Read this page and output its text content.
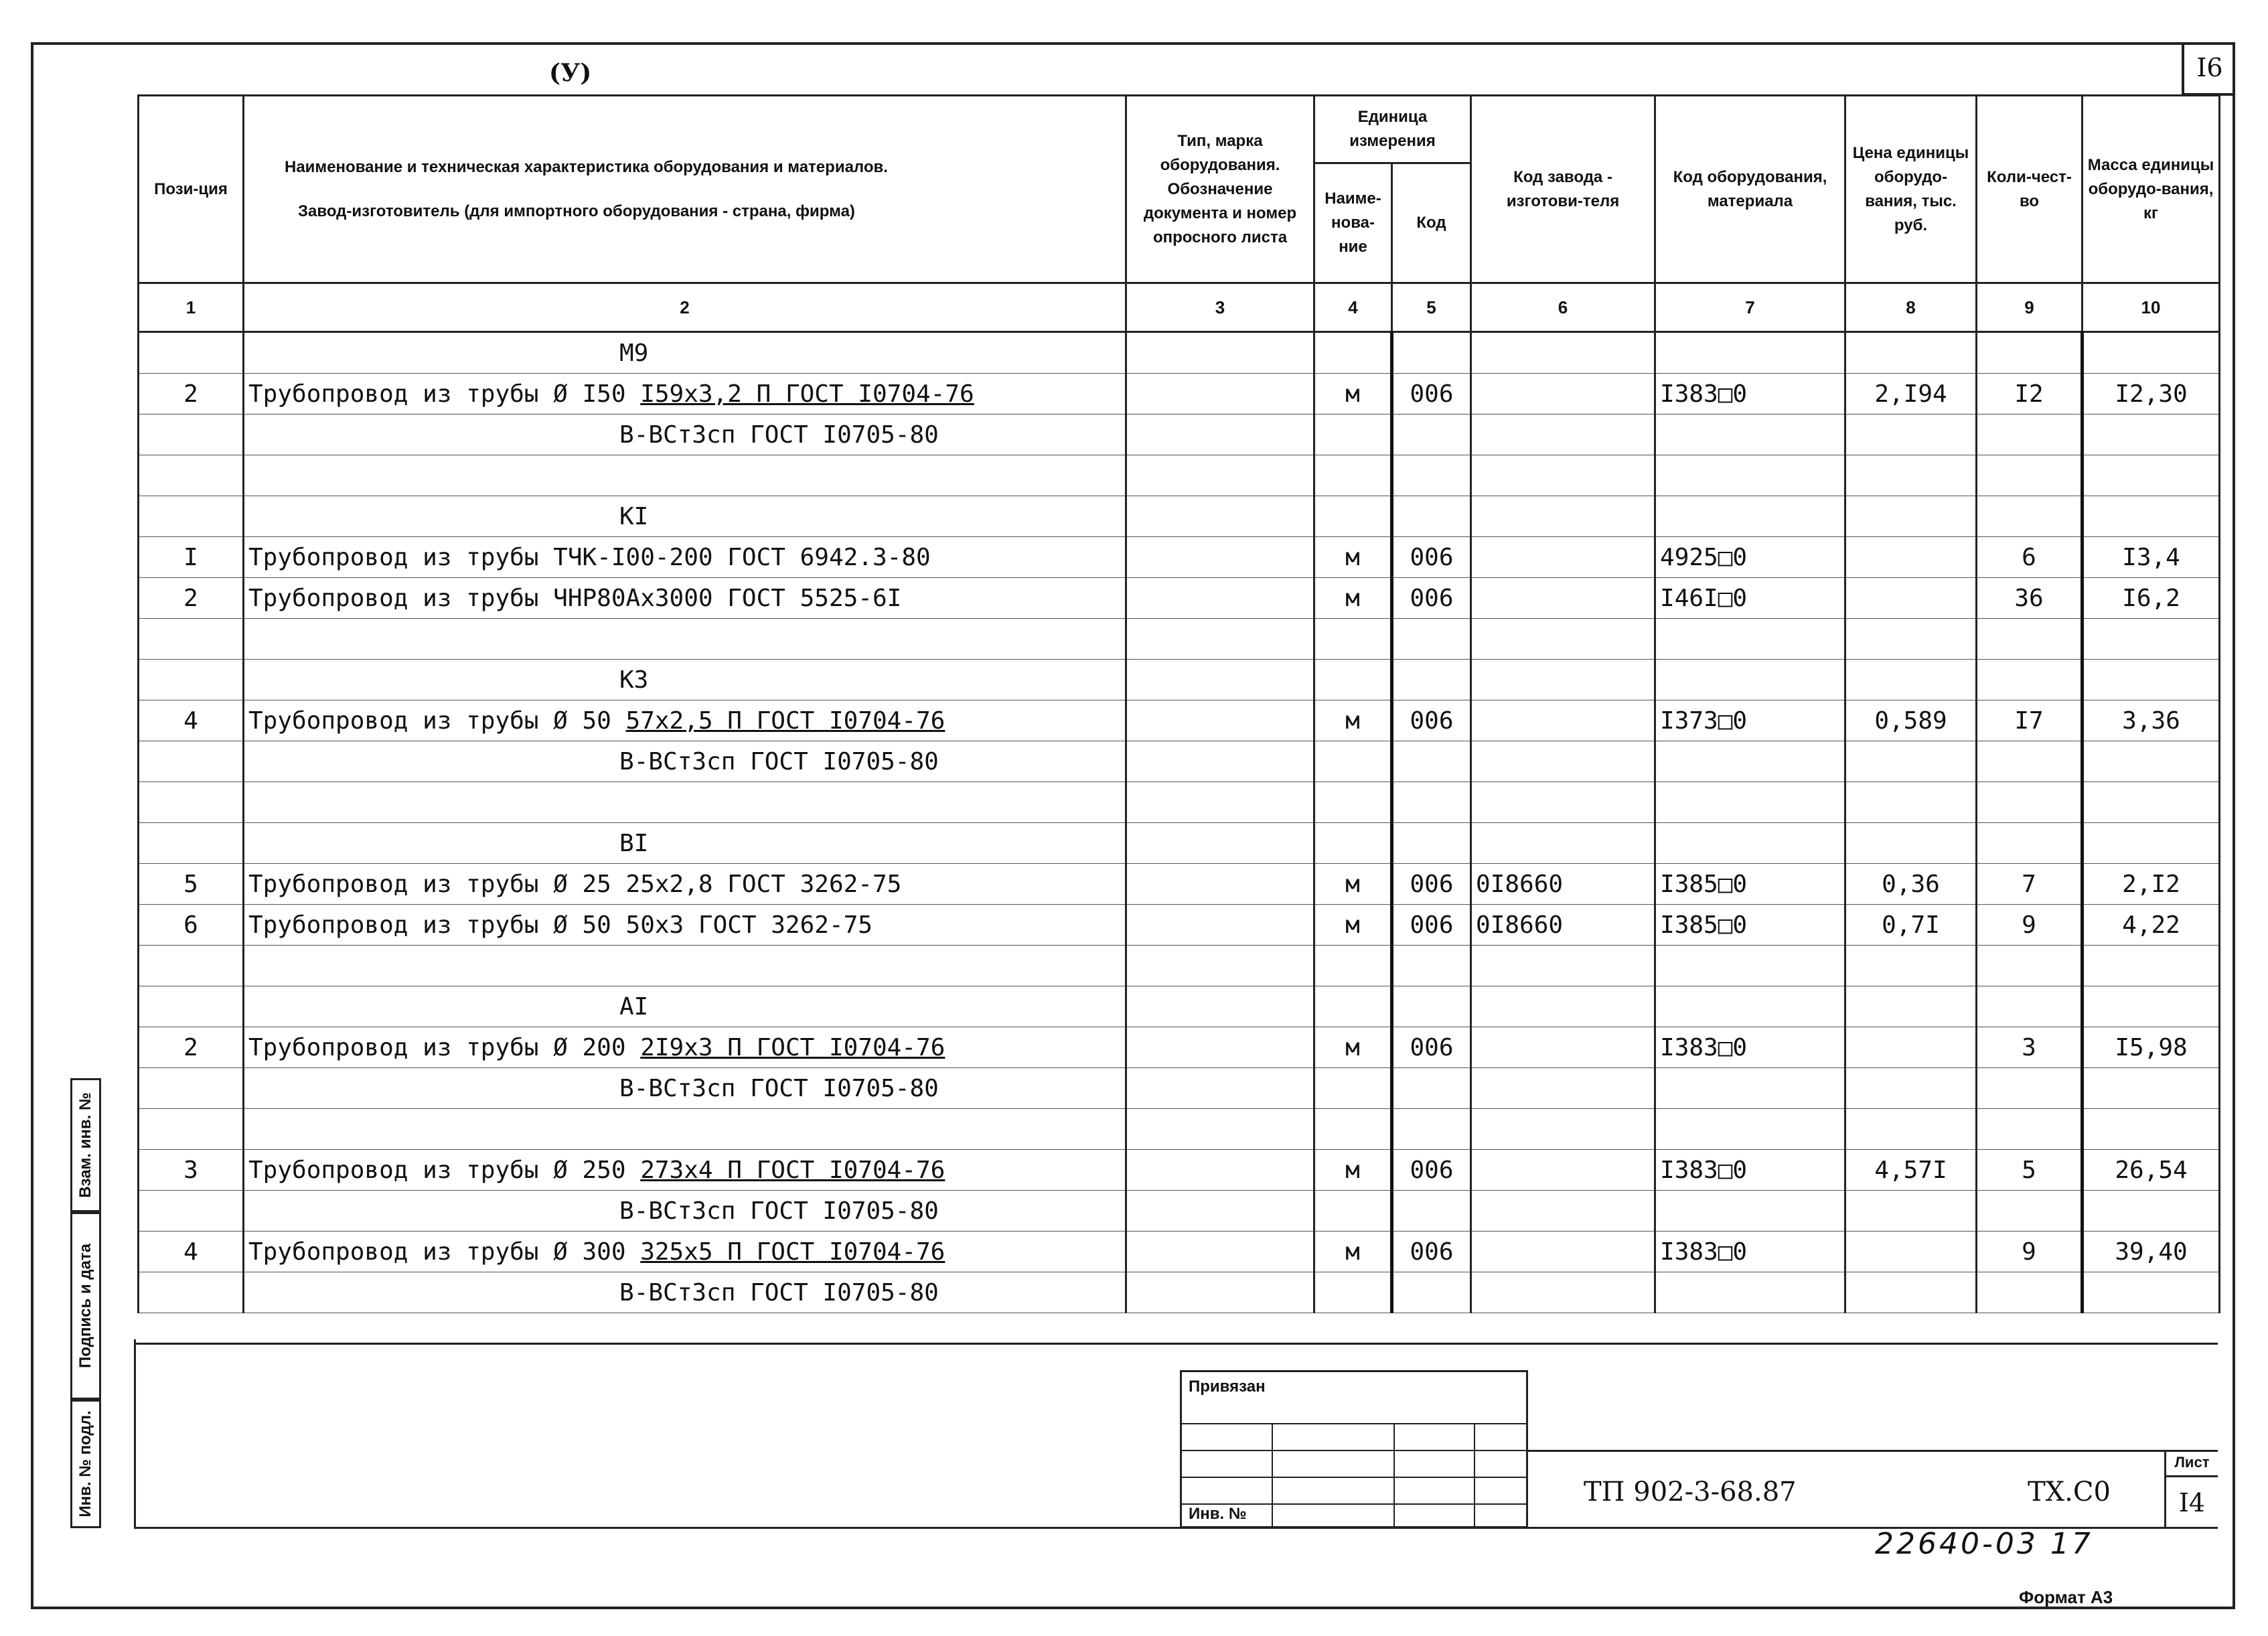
I6
(У)
Пози-ция	Наименование и техническая характеристика оборудования и материалов.
Завод-изготовитель (для импортного оборудования - страна, фирма)	Тип, марка оборудования. Обозначение документа и номер опросного листа	Единица измерения		Код завода - изготови-теля	Код оборудования, материала	Цена единицы оборудо-вания, тыс. руб.	Коли-чест-во	Масса единицы оборудо-вания, кг
			Наиме-нова-ние	Код					
1	2	3	4	5	6	7	8	9	10
	М9								
2	Трубопровод из трубы Ø I50 I59x3,2 П ГОСТ I0704-76		м	006		I383□0	2,I94	I2	I2,30
	В-ВСт3сп ГОСТ I0705-80								

	КI								
I	Трубопровод из трубы ТЧК-I00-200 ГОСТ 6942.3-80		м	006		4925□0		6	I3,4
2	Трубопровод из трубы ЧНР80Ах3000 ГОСТ 5525-6I		м	006		I46I□0		36	I6,2

	К3								
4	Трубопровод из трубы Ø 50 57x2,5 П ГОСТ I0704-76		м	006		I373□0	0,589	I7	3,36
	В-ВСт3сп ГОСТ I0705-80								

	ВI								
5	Трубопровод из трубы Ø 25 25x2,8 ГОСТ 3262-75		м	006	0I8660	I385□0	0,36	7	2,I2
6	Трубопровод из трубы Ø 50 50x3 ГОСТ 3262-75		м	006	0I8660	I385□0	0,7I	9	4,22

	АI								
2	Трубопровод из трубы Ø 200 2I9x3 П ГОСТ I0704-76		м	006		I383□0		3	I5,98
	В-ВСт3сп ГОСТ I0705-80								

3	Трубопровод из трубы Ø 250 273x4 П ГОСТ I0704-76		м	006		I383□0	4,57I	5	26,54
	В-ВСт3сп ГОСТ I0705-80								
4	Трубопровод из трубы Ø 300 325x5 П ГОСТ I0704-76		м	006		I383□0		9	39,40
	В-ВСт3сп ГОСТ I0705-80								
Привязан
Инв. №
ТП 902-3-68.87	ТХ.С0
Лист
I4
Взам. инв. №
Подпись и дата
Инв. № подл.
22640-03 17
Формат А3
